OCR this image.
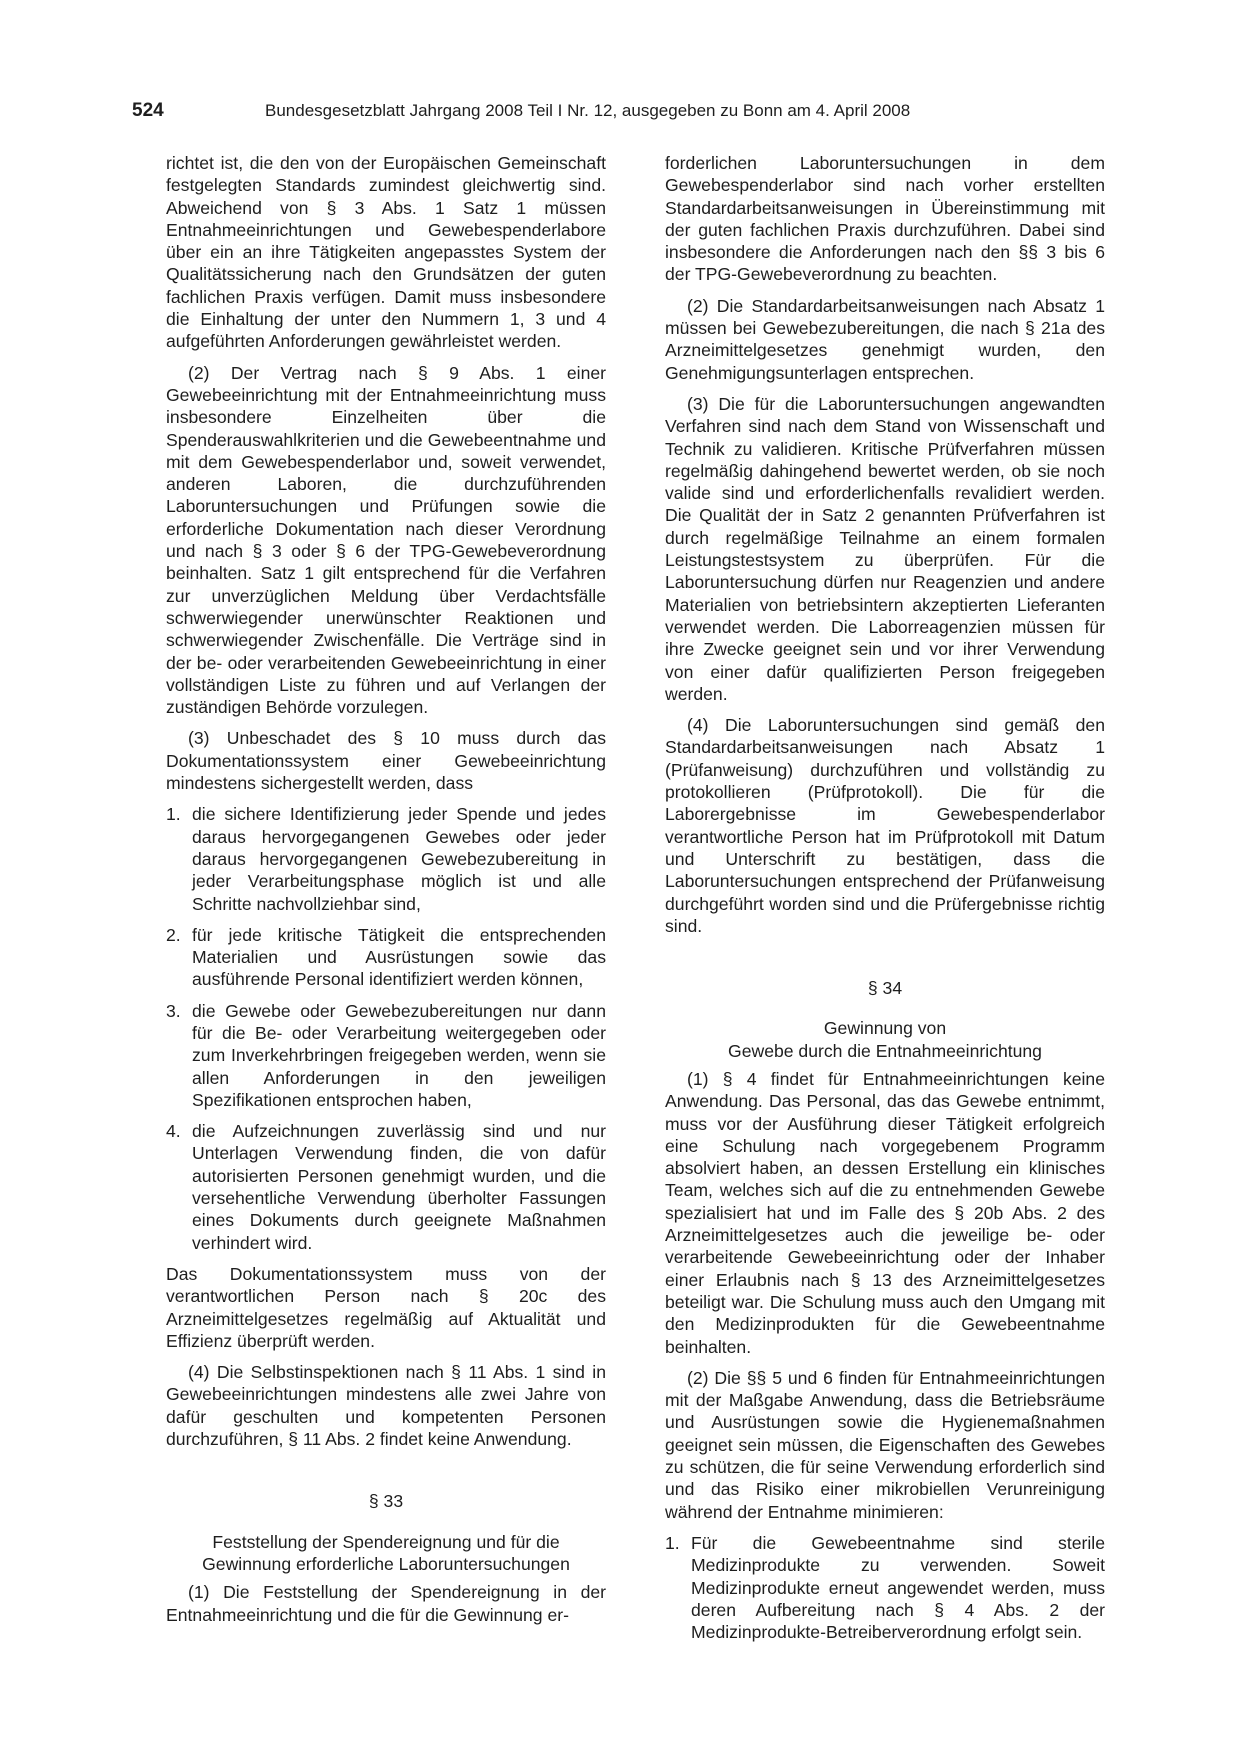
524	Bundesgesetzblatt Jahrgang 2008 Teil I Nr. 12, ausgegeben zu Bonn am 4. April 2008

richtet ist, die den von der Europäischen Gemeinschaft festgelegten Standards zumindest gleichwertig sind. Abweichend von § 3 Abs. 1 Satz 1 müssen Entnahmeeinrichtungen und Gewebespenderlabore über ein an ihre Tätigkeiten angepasstes System der Qualitätssicherung nach den Grundsätzen der guten fachlichen Praxis verfügen. Damit muss insbesondere die Einhaltung der unter den Nummern 1, 3 und 4 aufgeführten Anforderungen gewährleistet werden.

(2) Der Vertrag nach § 9 Abs. 1 einer Gewebeeinrichtung mit der Entnahmeeinrichtung muss insbesondere Einzelheiten über die Spenderauswahlkriterien und die Gewebeentnahme und mit dem Gewebespenderlabor und, soweit verwendet, anderen Laboren, die durchzuführenden Laboruntersuchungen und Prüfungen sowie die erforderliche Dokumentation nach dieser Verordnung und nach § 3 oder § 6 der TPG-Gewebeverordnung beinhalten. Satz 1 gilt entsprechend für die Verfahren zur unverzüglichen Meldung über Verdachtsfälle schwerwiegender unerwünschter Reaktionen und schwerwiegender Zwischenfälle. Die Verträge sind in der be- oder verarbeitenden Gewebeeinrichtung in einer vollständigen Liste zu führen und auf Verlangen der zuständigen Behörde vorzulegen.

(3) Unbeschadet des § 10 muss durch das Dokumentationssystem einer Gewebeeinrichtung mindestens sichergestellt werden, dass

1. die sichere Identifizierung jeder Spende und jedes daraus hervorgegangenen Gewebes oder jeder daraus hervorgegangenen Gewebezubereitung in jeder Verarbeitungsphase möglich ist und alle Schritte nachvollziehbar sind,
2. für jede kritische Tätigkeit die entsprechenden Materialien und Ausrüstungen sowie das ausführende Personal identifiziert werden können,
3. die Gewebe oder Gewebezubereitungen nur dann für die Be- oder Verarbeitung weitergegeben oder zum Inverkehrbringen freigegeben werden, wenn sie allen Anforderungen in den jeweiligen Spezifikationen entsprochen haben,
4. die Aufzeichnungen zuverlässig sind und nur Unterlagen Verwendung finden, die von dafür autorisierten Personen genehmigt wurden, und die versehentliche Verwendung überholter Fassungen eines Dokuments durch geeignete Maßnahmen verhindert wird.

Das Dokumentationssystem muss von der verantwortlichen Person nach § 20c des Arzneimittelgesetzes regelmäßig auf Aktualität und Effizienz überprüft werden.

(4) Die Selbstinspektionen nach § 11 Abs. 1 sind in Gewebeeinrichtungen mindestens alle zwei Jahre von dafür geschulten und kompetenten Personen durchzuführen, § 11 Abs. 2 findet keine Anwendung.

§ 33
Feststellung der Spendereignung und für die
Gewinnung erforderliche Laboruntersuchungen

(1) Die Feststellung der Spendereignung in der Entnahmeeinrichtung und die für die Gewinnung er-

forderlichen Laboruntersuchungen in dem Gewebespenderlabor sind nach vorher erstellten Standardarbeitsanweisungen in Übereinstimmung mit der guten fachlichen Praxis durchzuführen. Dabei sind insbesondere die Anforderungen nach den §§ 3 bis 6 der TPG-Gewebeverordnung zu beachten.

(2) Die Standardarbeitsanweisungen nach Absatz 1 müssen bei Gewebezubereitungen, die nach § 21a des Arzneimittelgesetzes genehmigt wurden, den Genehmigungsunterlagen entsprechen.

(3) Die für die Laboruntersuchungen angewandten Verfahren sind nach dem Stand von Wissenschaft und Technik zu validieren. Kritische Prüfverfahren müssen regelmäßig dahingehend bewertet werden, ob sie noch valide sind und erforderlichenfalls revalidiert werden. Die Qualität der in Satz 2 genannten Prüfverfahren ist durch regelmäßige Teilnahme an einem formalen Leistungstestsystem zu überprüfen. Für die Laboruntersuchung dürfen nur Reagenzien und andere Materialien von betriebsintern akzeptierten Lieferanten verwendet werden. Die Laborreagenzien müssen für ihre Zwecke geeignet sein und vor ihrer Verwendung von einer dafür qualifizierten Person freigegeben werden.

(4) Die Laboruntersuchungen sind gemäß den Standardarbeitsanweisungen nach Absatz 1 (Prüfanweisung) durchzuführen und vollständig zu protokollieren (Prüfprotokoll). Die für die Laborergebnisse im Gewebespenderlabor verantwortliche Person hat im Prüfprotokoll mit Datum und Unterschrift zu bestätigen, dass die Laboruntersuchungen entsprechend der Prüfanweisung durchgeführt worden sind und die Prüfergebnisse richtig sind.

§ 34
Gewinnung von
Gewebe durch die Entnahmeeinrichtung

(1) § 4 findet für Entnahmeeinrichtungen keine Anwendung. Das Personal, das das Gewebe entnimmt, muss vor der Ausführung dieser Tätigkeit erfolgreich eine Schulung nach vorgegebenem Programm absolviert haben, an dessen Erstellung ein klinisches Team, welches sich auf die zu entnehmenden Gewebe spezialisiert hat und im Falle des § 20b Abs. 2 des Arzneimittelgesetzes auch die jeweilige be- oder verarbeitende Gewebeeinrichtung oder der Inhaber einer Erlaubnis nach § 13 des Arzneimittelgesetzes beteiligt war. Die Schulung muss auch den Umgang mit den Medizinprodukten für die Gewebeentnahme beinhalten.

(2) Die §§ 5 und 6 finden für Entnahmeeinrichtungen mit der Maßgabe Anwendung, dass die Betriebsräume und Ausrüstungen sowie die Hygienemaßnahmen geeignet sein müssen, die Eigenschaften des Gewebes zu schützen, die für seine Verwendung erforderlich sind und das Risiko einer mikrobiellen Verunreinigung während der Entnahme minimieren:

1. Für die Gewebeentnahme sind sterile Medizinprodukte zu verwenden. Soweit Medizinprodukte erneut angewendet werden, muss deren Aufbereitung nach § 4 Abs. 2 der Medizinprodukte-Betreiberverordnung erfolgt sein.
